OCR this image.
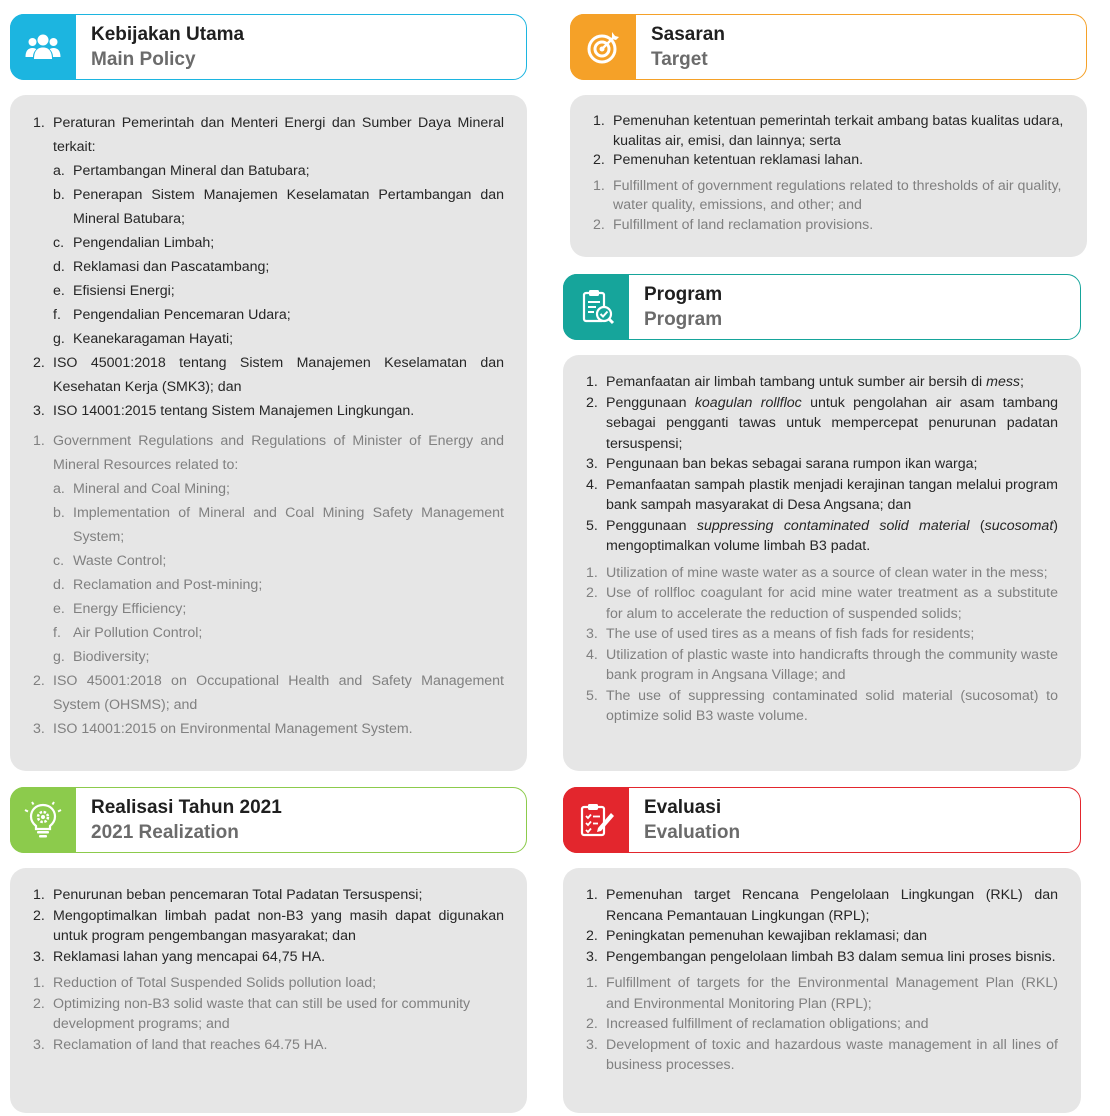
Kebijakan Utama
Main Policy
1. Peraturan Pemerintah dan Menteri Energi dan Sumber Daya Mineral terkait:
a. Pertambangan Mineral dan Batubara;
b. Penerapan Sistem Manajemen Keselamatan Pertambangan dan Mineral Batubara;
c. Pengendalian Limbah;
d. Reklamasi dan Pascatambang;
e. Efisiensi Energi;
f. Pengendalian Pencemaran Udara;
g. Keanekaragaman Hayati;
2. ISO 45001:2018 tentang Sistem Manajemen Keselamatan dan Kesehatan Kerja (SMK3); dan
3. ISO 14001:2015 tentang Sistem Manajemen Lingkungan.
1. Government Regulations and Regulations of Minister of Energy and Mineral Resources related to:
a. Mineral and Coal Mining;
b. Implementation of Mineral and Coal Mining Safety Management System;
c. Waste Control;
d. Reclamation and Post-mining;
e. Energy Efficiency;
f. Air Pollution Control;
g. Biodiversity;
2. ISO 45001:2018 on Occupational Health and Safety Management System (OHSMS); and
3. ISO 14001:2015 on Environmental Management System.
Sasaran
Target
1. Pemenuhan ketentuan pemerintah terkait ambang batas kualitas udara, kualitas air, emisi, dan lainnya; serta
2. Pemenuhan ketentuan reklamasi lahan.
1. Fulfillment of government regulations related to thresholds of air quality, water quality, emissions, and other; and
2. Fulfillment of land reclamation provisions.
Program
Program
1. Pemanfaatan air limbah tambang untuk sumber air bersih di mess;
2. Penggunaan koagulan rollfloc untuk pengolahan air asam tambang sebagai pengganti tawas untuk mempercepat penurunan padatan tersuspensi;
3. Pengunaan ban bekas sebagai sarana rumpon ikan warga;
4. Pemanfaatan sampah plastik menjadi kerajinan tangan melalui program bank sampah masyarakat di Desa Angsana; dan
5. Penggunaan suppressing contaminated solid material (sucosomat) mengoptimalkan volume limbah B3 padat.
1. Utilization of mine waste water as a source of clean water in the mess;
2. Use of rollfloc coagulant for acid mine water treatment as a substitute for alum to accelerate the reduction of suspended solids;
3. The use of used tires as a means of fish fads for residents;
4. Utilization of plastic waste into handicrafts through the community waste bank program in Angsana Village; and
5. The use of suppressing contaminated solid material (sucosomat) to optimize solid B3 waste volume.
Realisasi Tahun 2021
2021 Realization
1. Penurunan beban pencemaran Total Padatan Tersuspensi;
2. Mengoptimalkan limbah padat non-B3 yang masih dapat digunakan untuk program pengembangan masyarakat; dan
3. Reklamasi lahan yang mencapai 64,75 HA.
1. Reduction of Total Suspended Solids pollution load;
2. Optimizing non-B3 solid waste that can still be used for community development programs; and
3. Reclamation of land that reaches 64.75 HA.
Evaluasi
Evaluation
1. Pemenuhan target Rencana Pengelolaan Lingkungan (RKL) dan Rencana Pemantauan Lingkungan (RPL);
2. Peningkatan pemenuhan kewajiban reklamasi; dan
3. Pengembangan pengelolaan limbah B3 dalam semua lini proses bisnis.
1. Fulfillment of targets for the Environmental Management Plan (RKL) and Environmental Monitoring Plan (RPL);
2. Increased fulfillment of reclamation obligations; and
3. Development of toxic and hazardous waste management in all lines of business processes.
